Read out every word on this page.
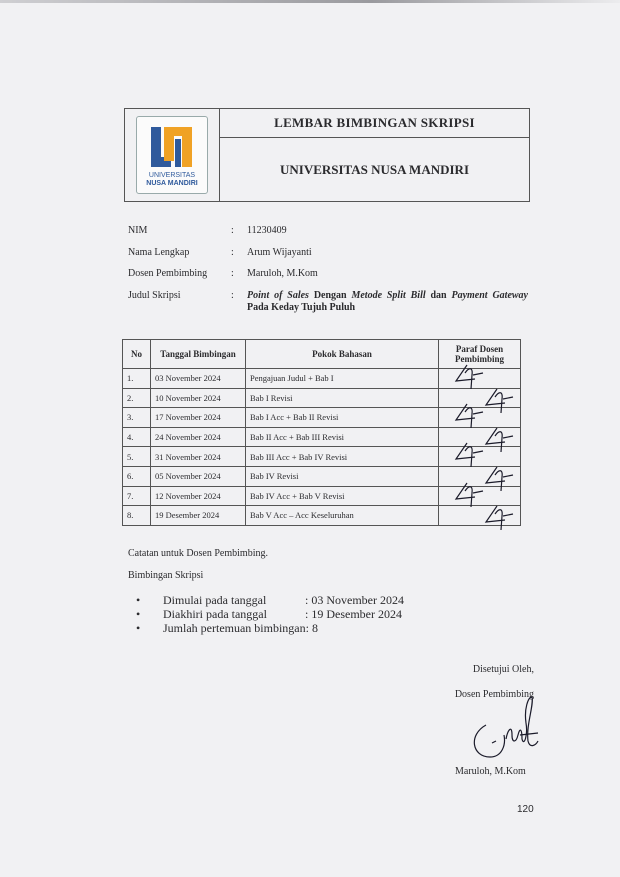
UNIVERSITAS
NUSA MANDIRI
LEMBAR BIMBINGAN SKRIPSI
UNIVERSITAS NUSA MANDIRI
NIM	:	11230409
Nama Lengkap	:	Arum Wijayanti
Dosen Pembimbing	:	Maruloh, M.Kom
Judul Skripsi	:	Point of Sales Dengan Metode Split Bill dan Payment Gateway Pada Keday Tujuh Puluh
No	Tanggal Bimbingan	Pokok Bahasan	Paraf Dosen Pembimbing
1.	03 November 2024	Pengajuan Judul + Bab I	

2.	10 November 2024	Bab I Revisi	

3.	17 November 2024	Bab I Acc + Bab II Revisi	

4.	24 November 2024	Bab II Acc + Bab III Revisi	

5.	31 November 2024	Bab III Acc + Bab IV Revisi	

6.	05 November 2024	Bab IV Revisi	

7.	12 November 2024	Bab IV Acc + Bab V Revisi	

8.	19 Desember 2024	Bab V Acc – Acc Keseluruhan	

Catatan untuk Dosen Pembimbing.

Bimbingan Skripsi

•	Dimulai pada tanggal	: 03 November 2024
•	Diakhiri pada tanggal	: 19 Desember 2024
•	Jumlah pertemuan bimbingan : 8
Disetujui Oleh,
Dosen Pembimbing
Maruloh, M.Kom
120
